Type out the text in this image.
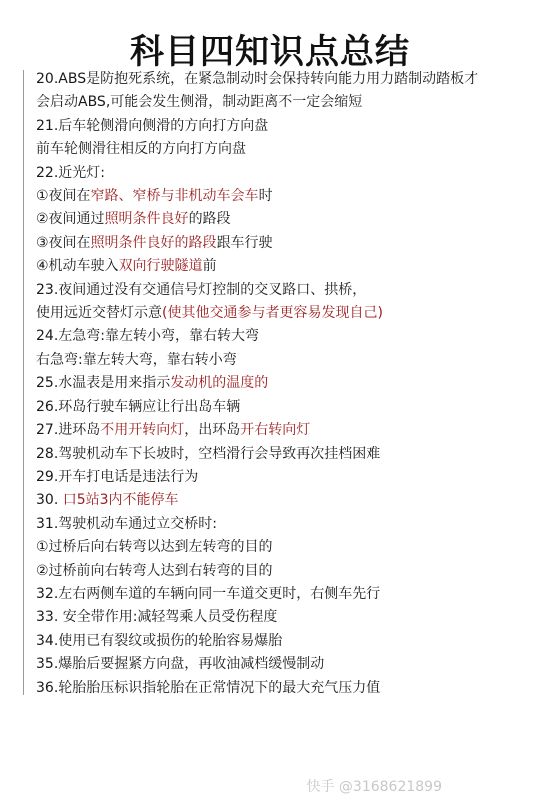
科目四知识点总结
20.ABS是防抱死系统，在紧急制动时会保持转向能力用力踏制动踏板才
会启动ABS,可能会发生侧滑，制动距离不一定会缩短
21.后车轮侧滑向侧滑的方向打方向盘
前车轮侧滑往相反的方向打方向盘
22.近光灯:
①夜间在窄路、窄桥与非机动车会车时
②夜间通过照明条件良好的路段
③夜间在照明条件良好的路段跟车行驶
④机动车驶入双向行驶隧道前
23.夜间通过没有交通信号灯控制的交叉路口、拱桥，
使用远近交替灯示意(使其他交通参与者更容易发现自己)
24.左急弯:靠左转小弯，靠右转大弯
右急弯:靠左转大弯，靠右转小弯
25.水温表是用来指示发动机的温度的
26.环岛行驶车辆应让行出岛车辆
27.进环岛不用开转向灯，出环岛开右转向灯
28.驾驶机动车下长坡时，空档滑行会导致再次挂档困难
29.开车打电话是违法行为
30. 口5站3内不能停车
31.驾驶机动车通过立交桥时:
①过桥后向右转弯以达到左转弯的目的
②过桥前向右转弯人达到右转弯的目的
32.左右两侧车道的车辆向同一车道交更时，右侧车先行
33. 安全带作用:减轻驾乘人员受伤程度
34.使用已有裂纹或损伤的轮胎容易爆胎
35.爆胎后要握紧方向盘，再收油减档缓慢制动
36.轮胎胎压标识指轮胎在正常情况下的最大充气压力值
快手 @3168621899
